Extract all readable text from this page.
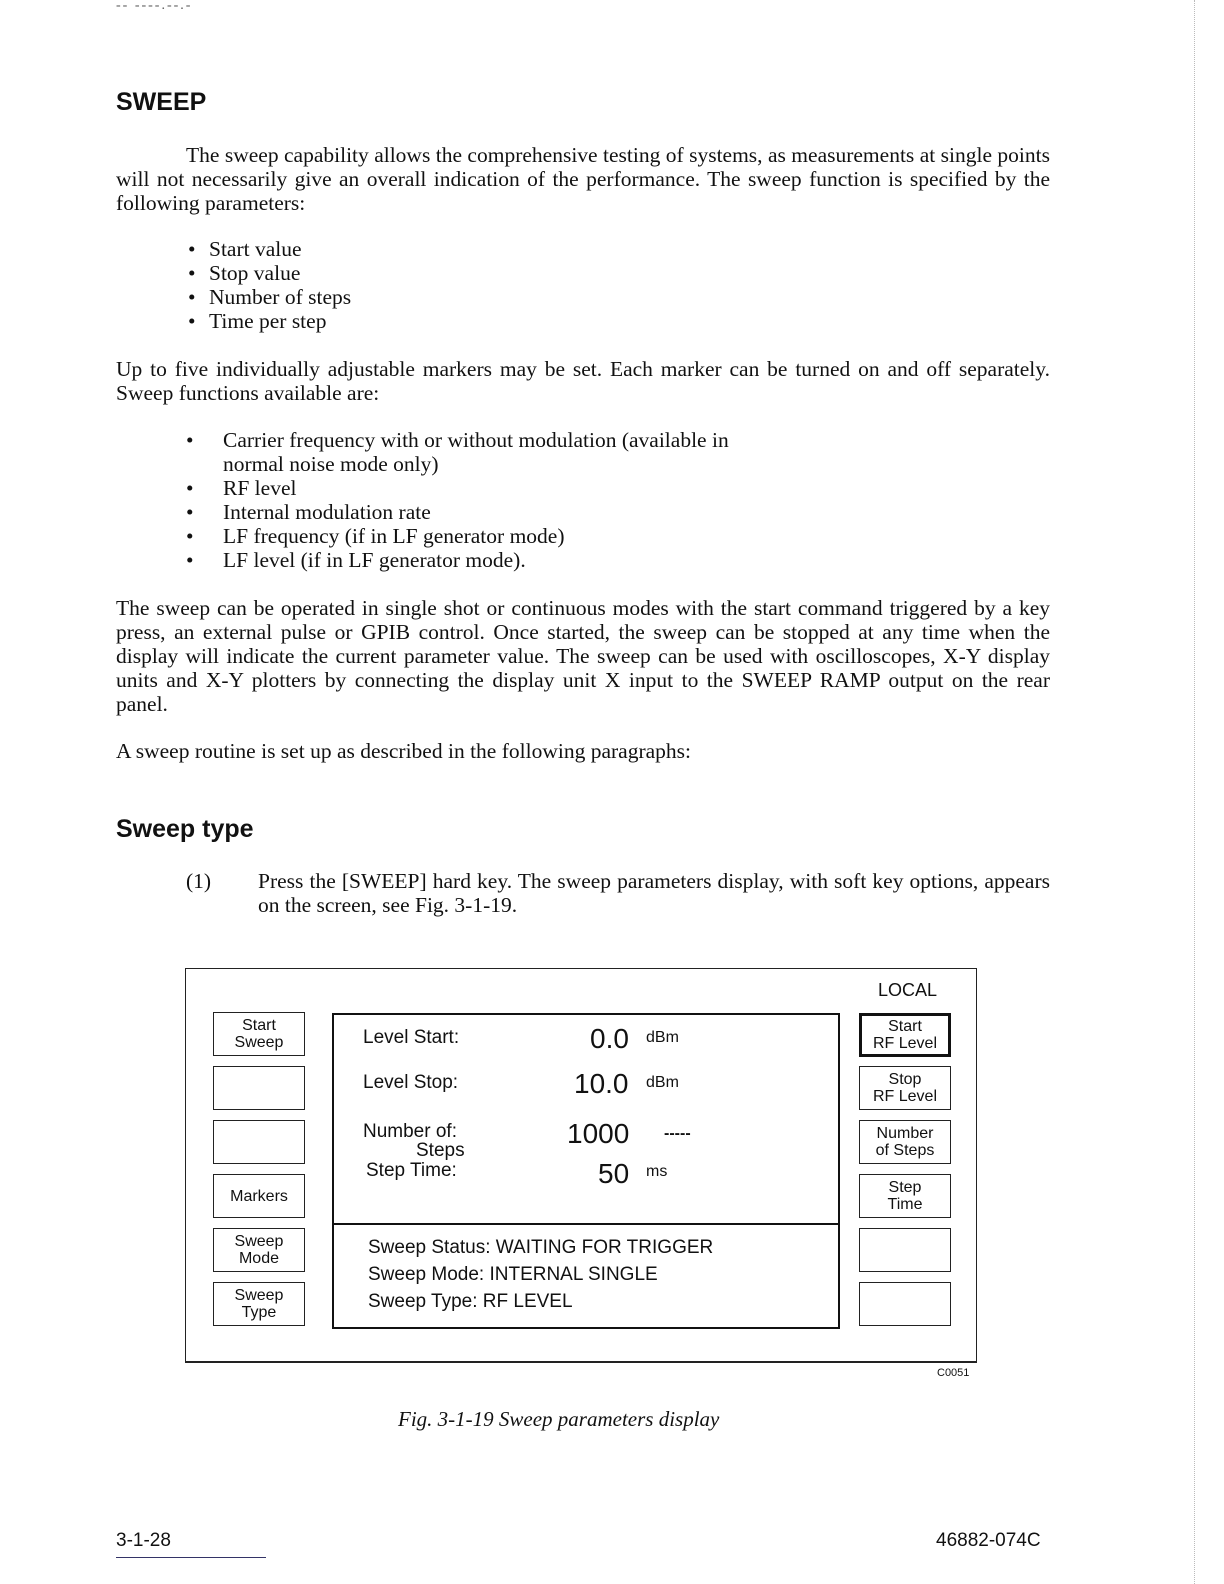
-- ----.--.-
SWEEP

The sweep capability allows the comprehensive testing of systems, as measurements at single points will not necessarily give an overall indication of the performance. The sweep function is specified by the following parameters:

• Start value
• Stop value
• Number of steps
• Time per step

Up to five individually adjustable markers may be set. Each marker can be turned on and off separately. Sweep functions available are:

• Carrier frequency with or without modulation (available in normal noise mode only)
• RF level
• Internal modulation rate
• LF frequency (if in LF generator mode)
• LF level (if in LF generator mode).

The sweep can be operated in single shot or continuous modes with the start command triggered by a key press, an external pulse or GPIB control. Once started, the sweep can be stopped at any time when the display will indicate the current parameter value. The sweep can be used with oscilloscopes, X-Y display units and X-Y plotters by connecting the display unit X input to the SWEEP RAMP output on the rear panel.

A sweep routine is set up as described in the following paragraphs:

Sweep type
(1) Press the [SWEEP] hard key. The sweep parameters display, with soft key options, appears on the screen, see Fig. 3-1-19.

LOCAL
Start
Sweep
Markers
Sweep
Mode
Sweep
Type
Start
RF Level
Stop
RF Level
Number
of Steps
Step
Time
Level Start:	0.0 dBm
Level Stop:	10.0 dBm
Number of:	1000 -----
Steps
Step Time:	50 ms
Sweep Status: WAITING FOR TRIGGER
Sweep Mode: INTERNAL SINGLE
Sweep Type: RF LEVEL
C0051
Fig. 3-1-19 Sweep parameters display
3-1-28	46882-074C
